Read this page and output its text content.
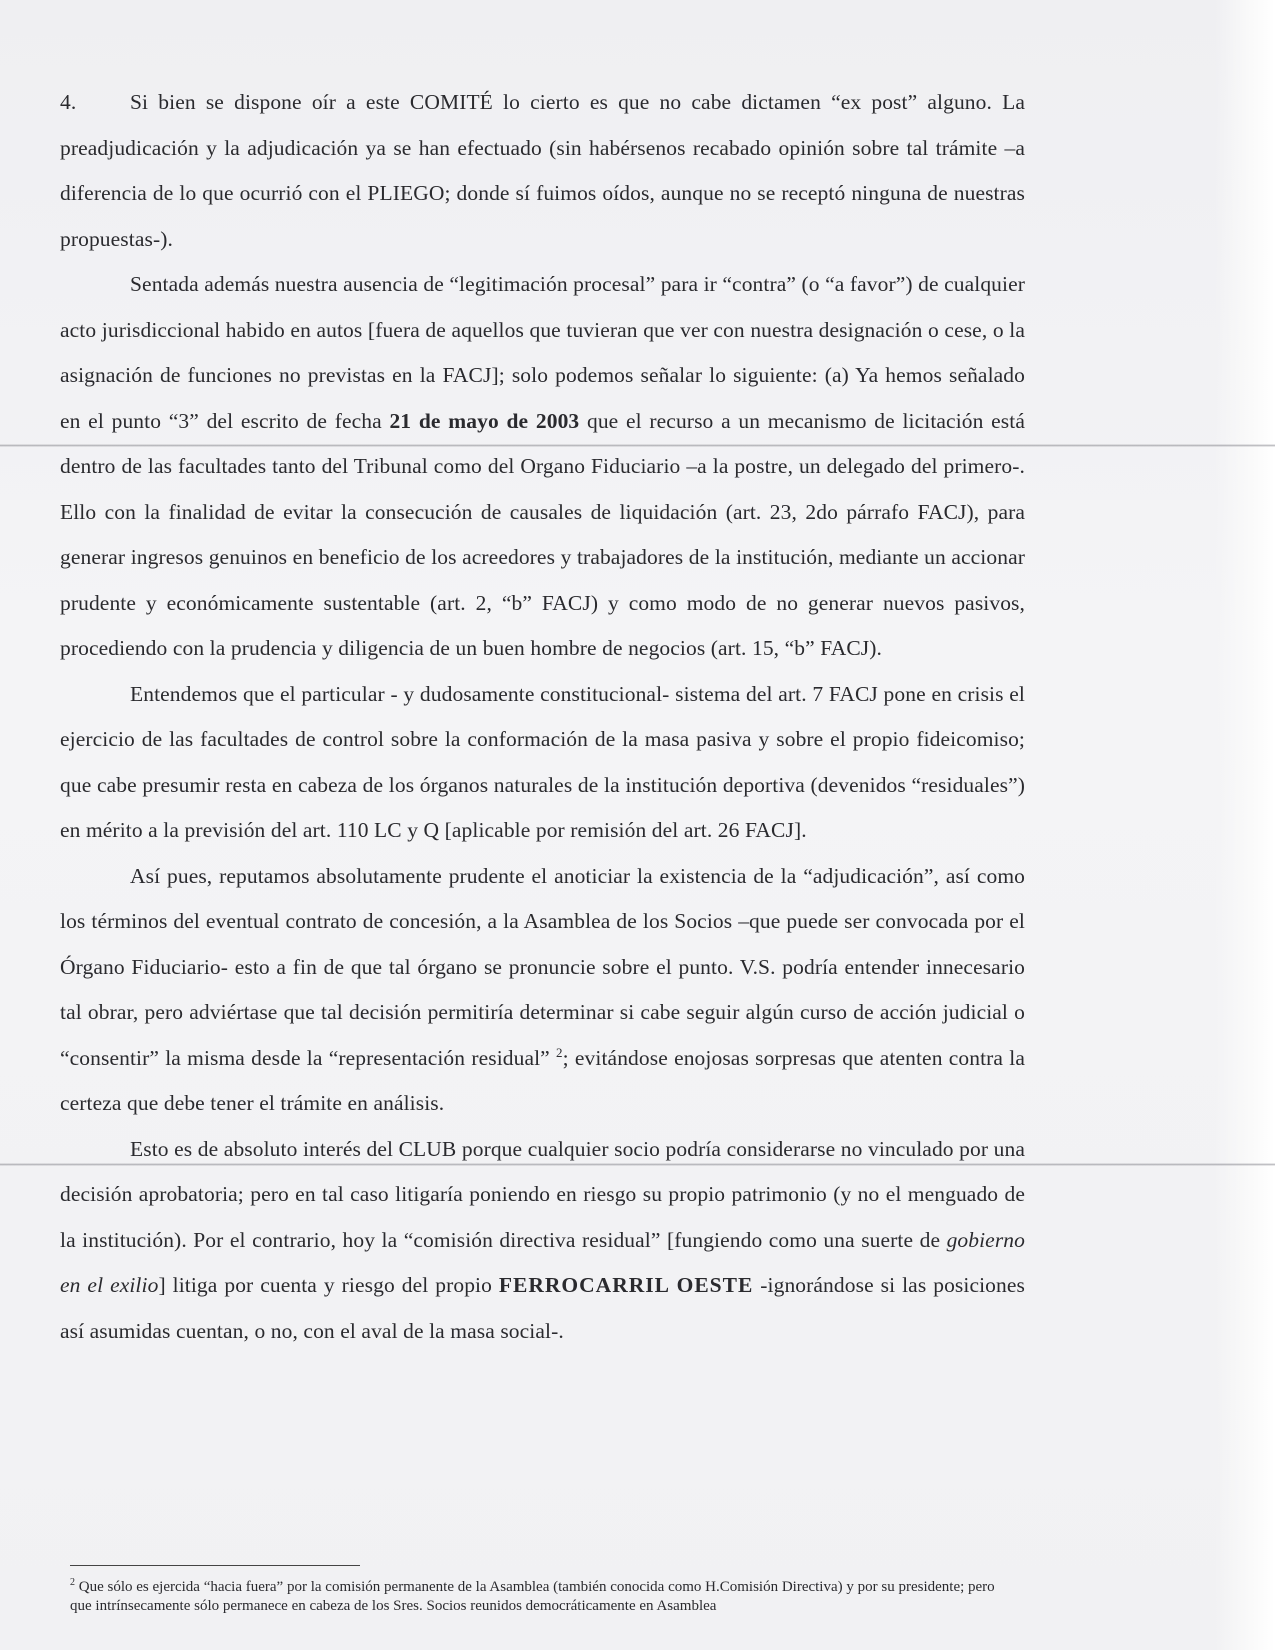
4. Si bien se dispone oír a este COMITÉ lo cierto es que no cabe dictamen “ex post” alguno. La preadjudicación y la adjudicación ya se han efectuado (sin habérsenos recabado opinión sobre tal trámite –a diferencia de lo que ocurrió con el PLIEGO; donde sí fuimos oídos, aunque no se receptó ninguna de nuestras propuestas-).

Sentada además nuestra ausencia de “legitimación procesal” para ir “contra” (o “a favor”) de cualquier acto jurisdiccional habido en autos [fuera de aquellos que tuvieran que ver con nuestra designación o cese, o la asignación de funciones no previstas en la FACJ]; solo podemos señalar lo siguiente: (a) Ya hemos señalado en el punto “3” del escrito de fecha 21 de mayo de 2003 que el recurso a un mecanismo de licitación está dentro de las facultades tanto del Tribunal como del Organo Fiduciario –a la postre, un delegado del primero-. Ello con la finalidad de evitar la consecución de causales de liquidación (art. 23, 2do párrafo FACJ), para generar ingresos genuinos en beneficio de los acreedores y trabajadores de la institución, mediante un accionar prudente y económicamente sustentable (art. 2, “b” FACJ) y como modo de no generar nuevos pasivos, procediendo con la prudencia y diligencia de un buen hombre de negocios (art. 15, “b” FACJ).

Entendemos que el particular - y dudosamente constitucional- sistema del art. 7 FACJ pone en crisis el ejercicio de las facultades de control sobre la conformación de la masa pasiva y sobre el propio fideicomiso; que cabe presumir resta en cabeza de los órganos naturales de la institución deportiva (devenidos “residuales”) en mérito a la previsión del art. 110 LC y Q [aplicable por remisión del art. 26 FACJ].

Así pues, reputamos absolutamente prudente el anoticiar la existencia de la “adjudicación”, así como los términos del eventual contrato de concesión, a la Asamblea de los Socios –que puede ser convocada por el Órgano Fiduciario- esto a fin de que tal órgano se pronuncie sobre el punto. V.S. podría entender innecesario tal obrar, pero adviértase que tal decisión permitiría determinar si cabe seguir algún curso de acción judicial o “consentir” la misma desde la “representación residual” $^2$; evitándose enojosas sorpresas que atenten contra la certeza que debe tener el trámite en análisis.

Esto es de absoluto interés del CLUB porque cualquier socio podría considerarse no vinculado por una decisión aprobatoria; pero en tal caso litigaría poniendo en riesgo su propio patrimonio (y no el menguado de la institución). Por el contrario, hoy la “comisión directiva residual” [fungiendo como una suerte de gobierno en el exilio] litiga por cuenta y riesgo del propio FERROCARRIL OESTE -ignorándose si las posiciones así asumidas cuentan, o no, con el aval de la masa social-.

$^2$ Que sólo es ejercida “hacia fuera” por la comisión permanente de la Asamblea (también conocida como H.Comisión Directiva) y por su presidente; pero que intrínsecamente sólo permanece en cabeza de los Sres. Socios reunidos democráticamente en Asamblea
